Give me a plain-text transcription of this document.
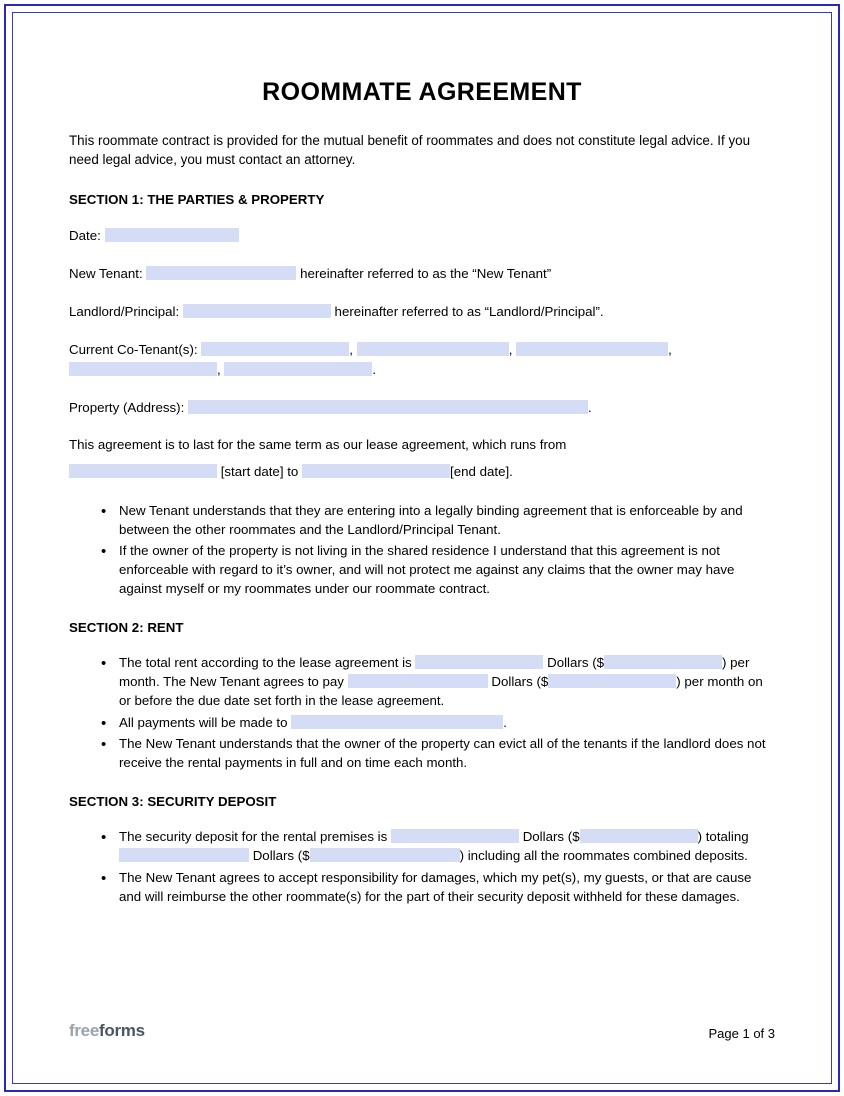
ROOMMATE AGREEMENT

This roommate contract is provided for the mutual benefit of roommates and does not constitute legal advice. If you need legal advice, you must contact an attorney.

SECTION 1: THE PARTIES & PROPERTY
Date:
New Tenant:	hereinafter referred to as the “New Tenant”
Landlord/Principal:	hereinafter referred to as “Landlord/Principal”.
Current Co-Tenant(s):	,	,	,
,	.
Property (Address):	.
This agreement is to last for the same term as our lease agreement, which runs from
[start date] to	[end date].
• New Tenant understands that they are entering into a legally binding agreement that is enforceable by and between the other roommates and the Landlord/Principal Tenant.
• If the owner of the property is not living in the shared residence I understand that this agreement is not enforceable with regard to it’s owner, and will not protect me against any claims that the owner may have against myself or my roommates under our roommate contract.
SECTION 2: RENT
• The total rent according to the lease agreement is	Dollars ($	) per month. The New Tenant agrees to pay	Dollars ($	) per month on or before the due date set forth in the lease agreement.
• All payments will be made to	.
• The New Tenant understands that the owner of the property can evict all of the tenants if the landlord does not receive the rental payments in full and on time each month.
SECTION 3: SECURITY DEPOSIT
• The security deposit for the rental premises is	Dollars ($	) totaling  Dollars ($	) including all the roommates combined deposits.
• The New Tenant agrees to accept responsibility for damages, which my pet(s), my guests, or that are cause and will reimburse the other roommate(s) for the part of their security deposit withheld for these damages.
freeforms	Page 1 of 3
